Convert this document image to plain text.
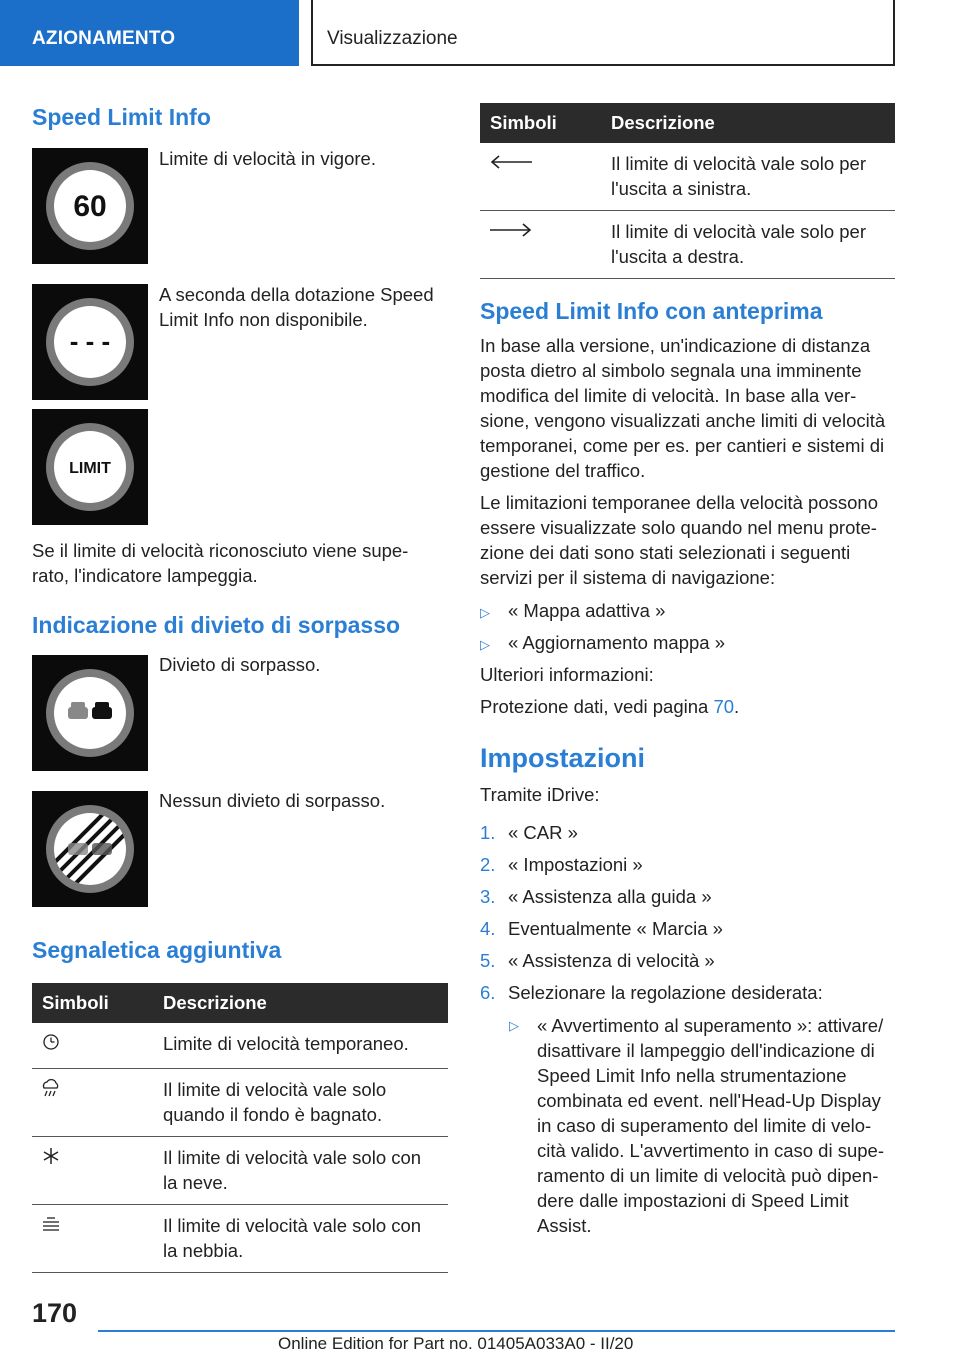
AZIONAMENTO	Visualizzazione
Speed Limit Info
60
Limite di velocità in vigore.
- - -
A seconda della dotazione Speed
Limit Info non disponibile.
LIMIT
Se il limite di velocità riconosciuto viene supe-
rato, l'indicatore lampeggia.
Indicazione di divieto di sorpasso
Divieto di sorpasso.
Nessun divieto di sorpasso.
Segnaletica aggiuntiva
Simboli	Descrizione

Limite di velocità temporaneo.

Il limite di velocità vale solo
quando il fondo è bagnato.

Il limite di velocità vale solo con
la neve.

Il limite di velocità vale solo con
la nebbia.
Simboli	Descrizione

Il limite di velocità vale solo per
l'uscita a sinistra.

Il limite di velocità vale solo per
l'uscita a destra.
Speed Limit Info con anteprima
In base alla versione, un'indicazione di distanza
posta dietro al simbolo segnala una imminente
modifica del limite di velocità. In base alla ver-
sione, vengono visualizzati anche limiti di velocità
temporanei, come per es. per cantieri e sistemi di
gestione del traffico.
Le limitazioni temporanee della velocità possono
essere visualizzate solo quando nel menu prote-
zione dei dati sono stati selezionati i seguenti
servizi per il sistema di navigazione:
▷ « Mappa adattiva »
▷ « Aggiornamento mappa »
Ulteriori informazioni:
Protezione dati, vedi pagina 70.
Impostazioni
Tramite iDrive:
1. « CAR »
2. « Impostazioni »
3. « Assistenza alla guida »
4. Eventualmente « Marcia »
5. « Assistenza di velocità »
6. Selezionare la regolazione desiderata:
▷ « Avvertimento al superamento »: attivare/
disattivare il lampeggio dell'indicazione di
Speed Limit Info nella strumentazione
combinata ed event. nell'Head-Up Display
in caso di superamento del limite di velo-
cità valido. L'avvertimento in caso di supe-
ramento di un limite di velocità può dipen-
dere dalle impostazioni di Speed Limit
Assist.
170
Online Edition for Part no. 01405A033A0 - II/20
